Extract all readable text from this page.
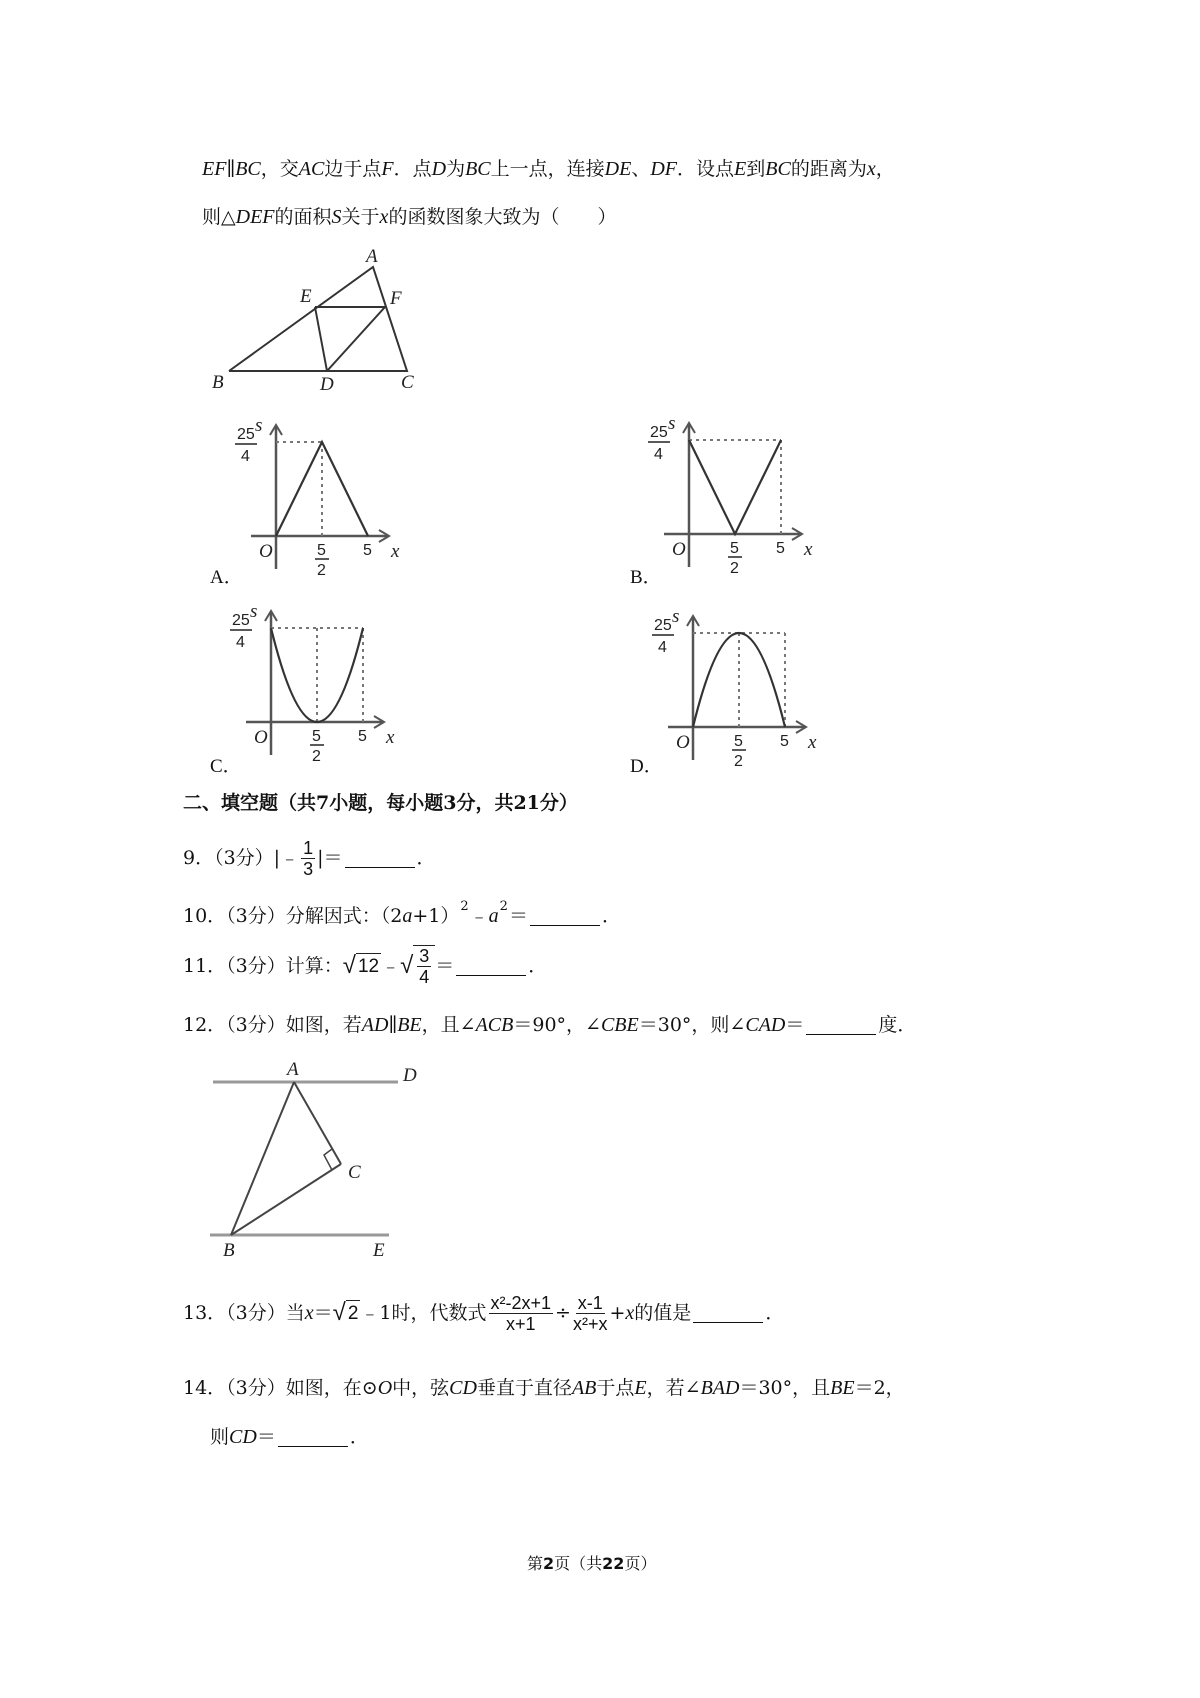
EF ∥ BC ，交 AC 边于点 F ．点 D 为 BC 上一点，连接 DE 、 DF ．设点 E 到 BC 的距离为 x ，
则△ DEF 的面积 S 关于 x 的函数图象大致为（　　）
A
E	F
B	D	C
s
25
4
O	5
2
5 x
s
25
4
O	5
2
5 x
s
25
4
O	5
2
5 x
s
25
4
O	5
2
5 x
A．	B．
C．	D．
二、填空题（共7小题，每小题3分，共21分）
9．（3分）|﹣ $\frac{1}{3}$ |＝	．
10．（3分）分解因式：（2 a +1） 2 ﹣ a 2 ＝	．
11．（3分）计算： √ 12 ﹣ √ $\frac{3}{4}$ ＝	．
12．（3分）如图，若 AD ∥ BE ，且∠ ACB ＝90°，∠ CBE ＝30°，则∠ CAD ＝	度．
A	D
C
B	E
13．（3分）当 x ＝ √ 2 ﹣1时，代数式 $\frac{\text{x²-2x+1}}{x+1} \div \frac{x-1}{\text{x²+x}} + x$ 的值是	．
14．（3分）如图，在⊙ O 中，弦 CD 垂直于直径 AB 于点 E ，若∠ BAD ＝30°，且 BE ＝2，
则 CD ＝	．
第 2 页（共 22 页）
